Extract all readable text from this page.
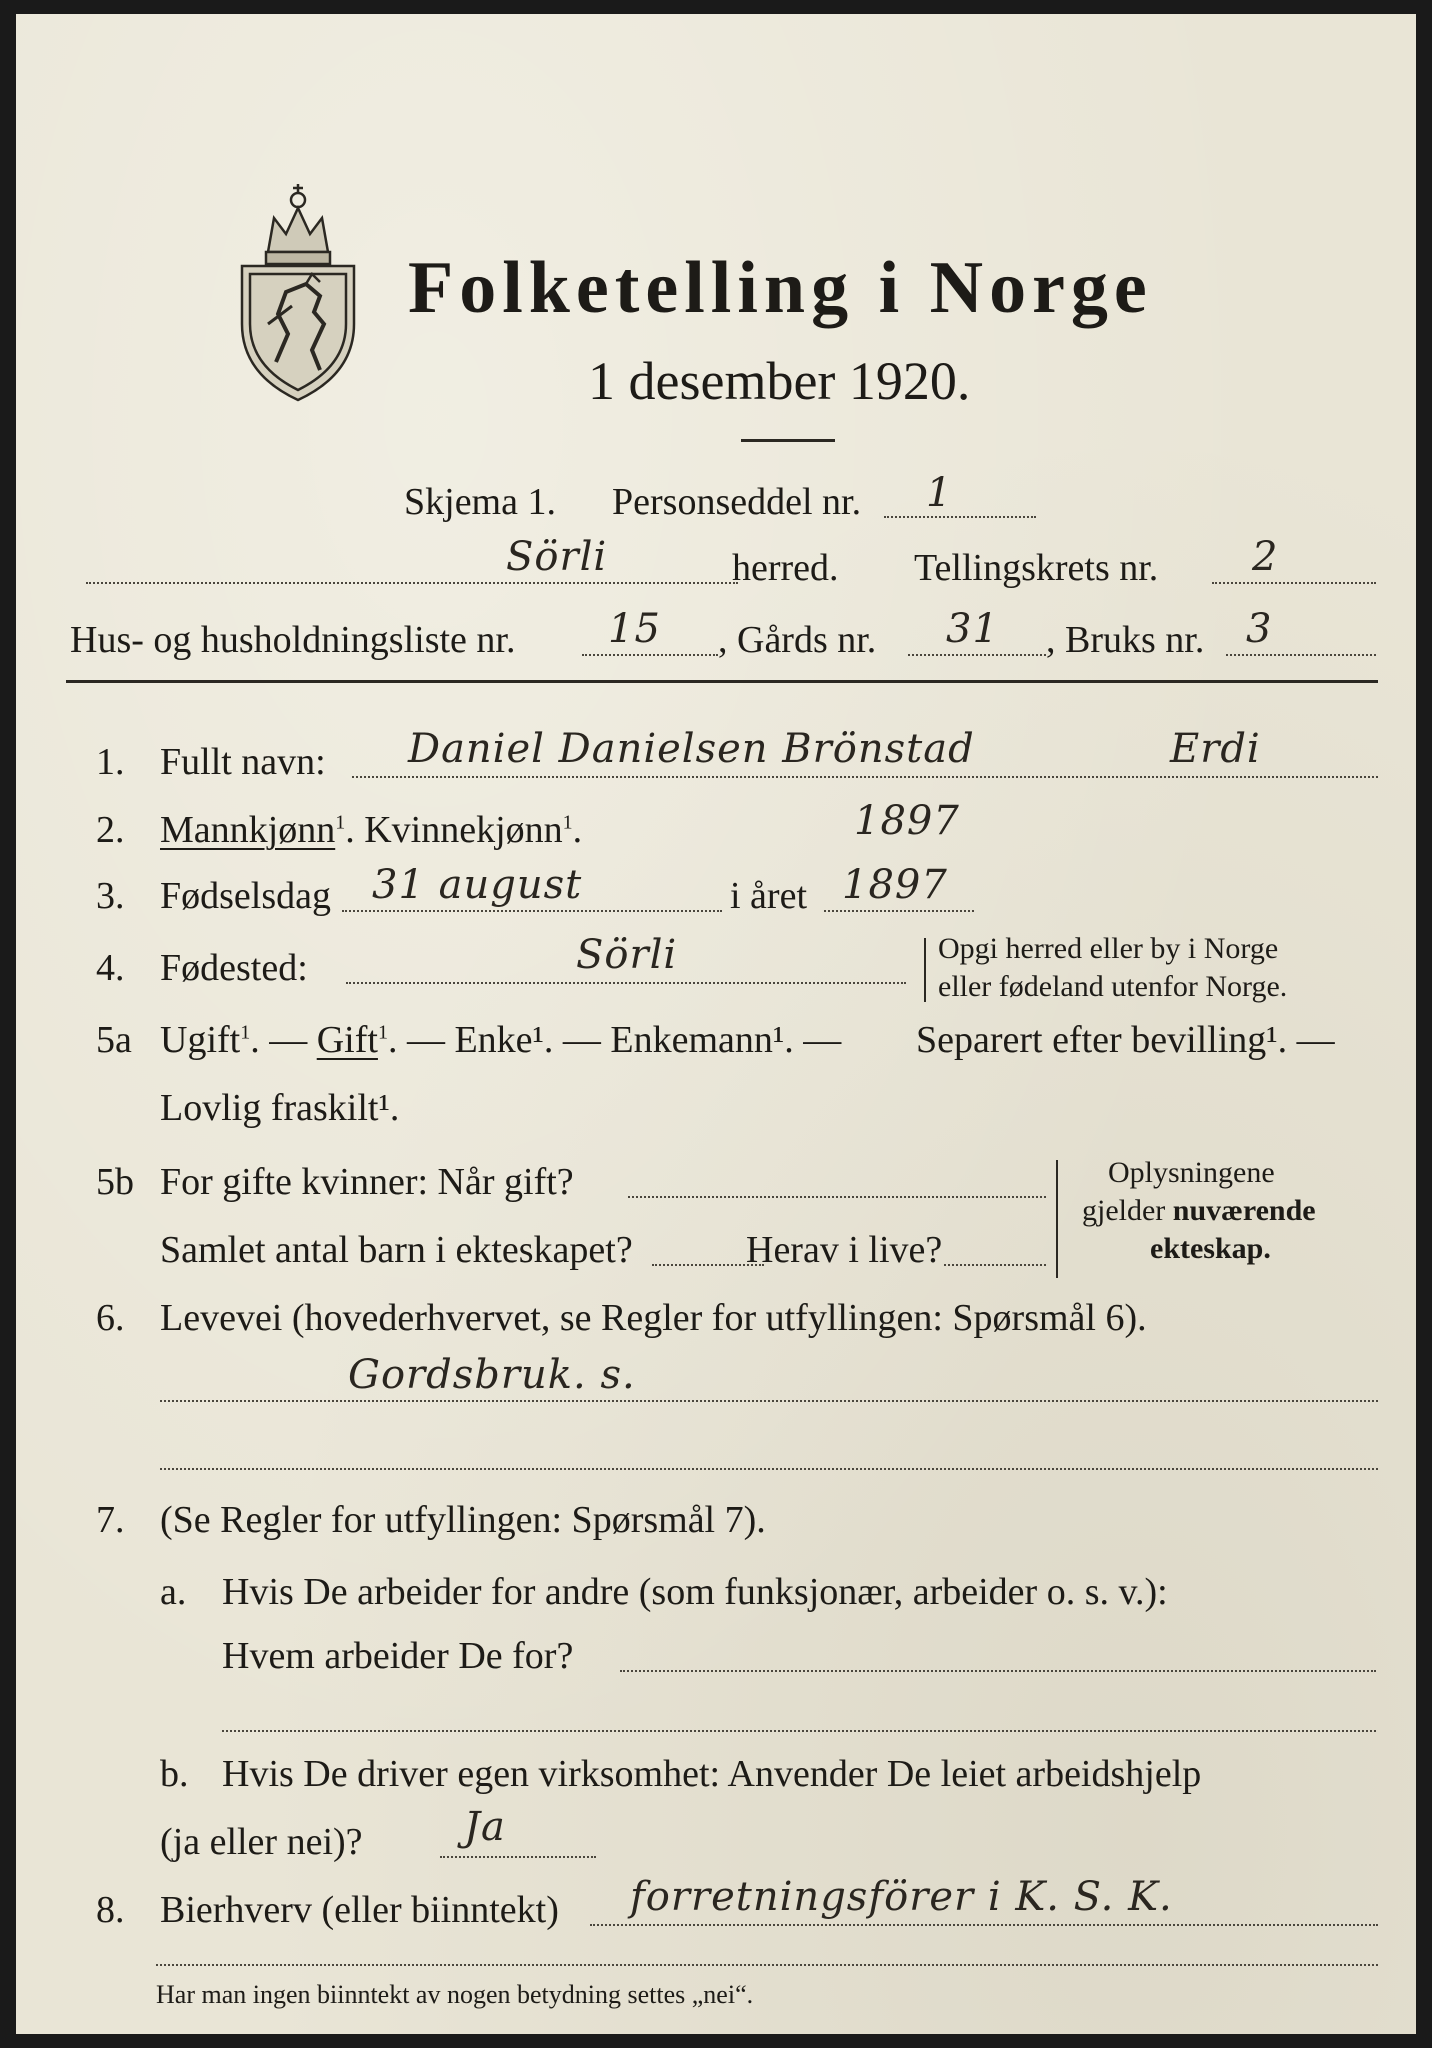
Folketelling i Norge
1 desember 1920.
Skjema 1. Personseddel nr. 1
Sörli	herred. Tellingskrets nr. 2
Hus- og husholdningsliste nr. 15 , Gårds nr. 31 , Bruks nr. 3
1. Fullt navn: Daniel Danielsen Brönstad	Erdi
2. Mannkjønn$^1$. Kvinnekjønn$^1$.	1897
3. Fødselsdag 31 august	i året 1897
4. Fødested:	Sörli	Opgi herred eller by i Norge
eller fødeland utenfor Norge.
5a Ugift$^1$. — Gift$^1$. — Enke¹. — Enkemann¹. — Separert efter bevilling¹. —
Lovlig fraskilt¹.
5b For gifte kvinner: Når gift?
Samlet antal barn i ekteskapet?	Herav i live?
Oplysningene
gjelder nuværende
ekteskap.
6. Levevei (hovederhvervet, se Regler for utfyllingen: Spørsmål 6).
Gordsbruk. s.
7. (Se Regler for utfyllingen: Spørsmål 7).
a. Hvis De arbeider for andre (som funksjonær, arbeider o. s. v.):
Hvem arbeider De for?
b. Hvis De driver egen virksomhet: Anvender De leiet arbeidshjelp
(ja eller nei)?	Ja
8. Bierhverv (eller biinntekt) forretningsförer i K. S. K.
Har man ingen biinntekt av nogen betydning settes „nei“.
